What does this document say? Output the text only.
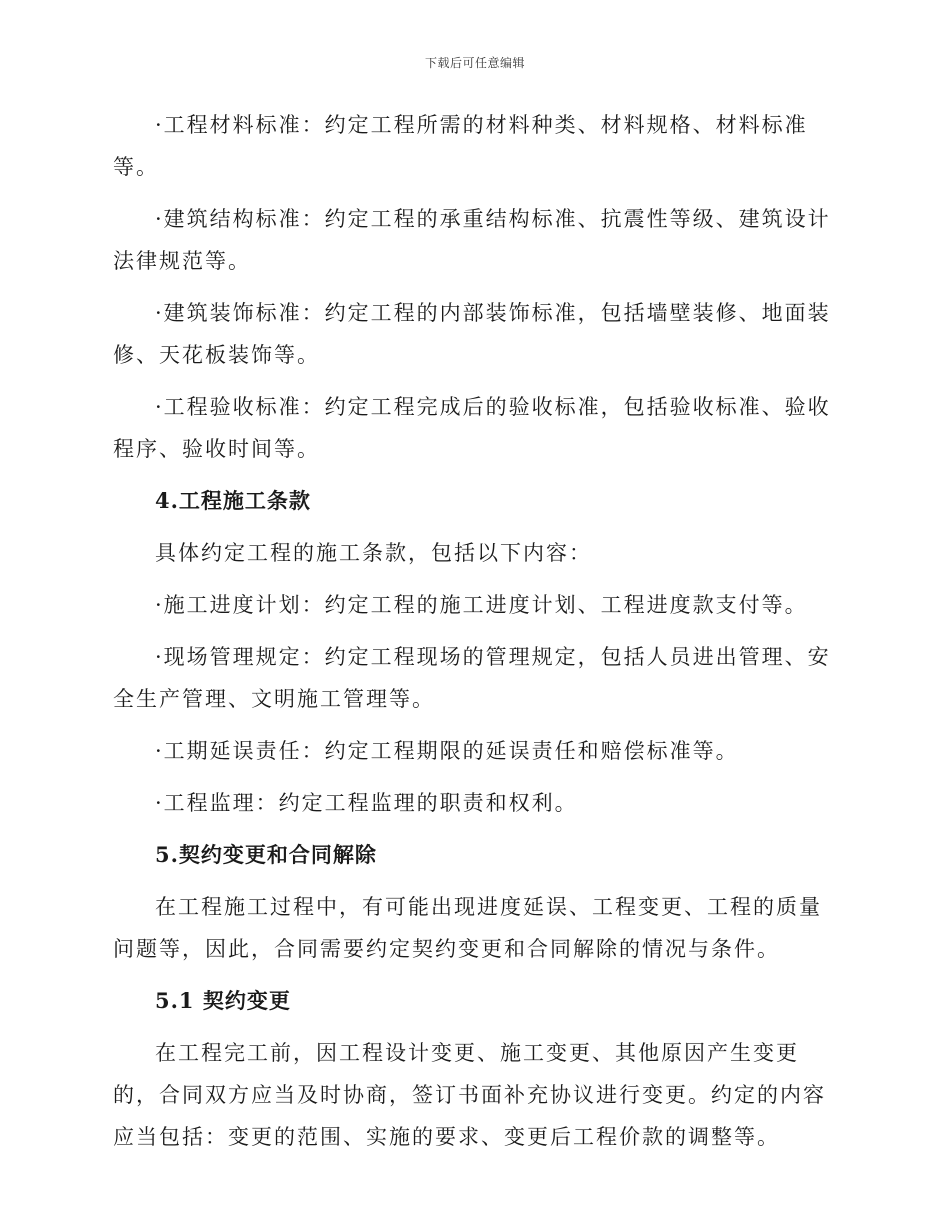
下载后可任意编辑

·工程材料标准：约定工程所需的材料种类、材料规格、材料标准等。

·建筑结构标准：约定工程的承重结构标准、抗震性等级、建筑设计法律规范等。

·建筑装饰标准：约定工程的内部装饰标准，包括墙壁装修、地面装修、天花板装饰等。

·工程验收标准：约定工程完成后的验收标准，包括验收标准、验收程序、验收时间等。

4.工程施工条款

具体约定工程的施工条款，包括以下内容：

·施工进度计划：约定工程的施工进度计划、工程进度款支付等。

·现场管理规定：约定工程现场的管理规定，包括人员进出管理、安全生产管理、文明施工管理等。

·工期延误责任：约定工程期限的延误责任和赔偿标准等。

·工程监理：约定工程监理的职责和权利。

5.契约变更和合同解除

在工程施工过程中，有可能出现进度延误、工程变更、工程的质量问题等，因此，合同需要约定契约变更和合同解除的情况与条件。

5.1 契约变更

在工程完工前，因工程设计变更、施工变更、其他原因产生变更的，合同双方应当及时协商，签订书面补充协议进行变更。约定的内容应当包括：变更的范围、实施的要求、变更后工程价款的调整等。
